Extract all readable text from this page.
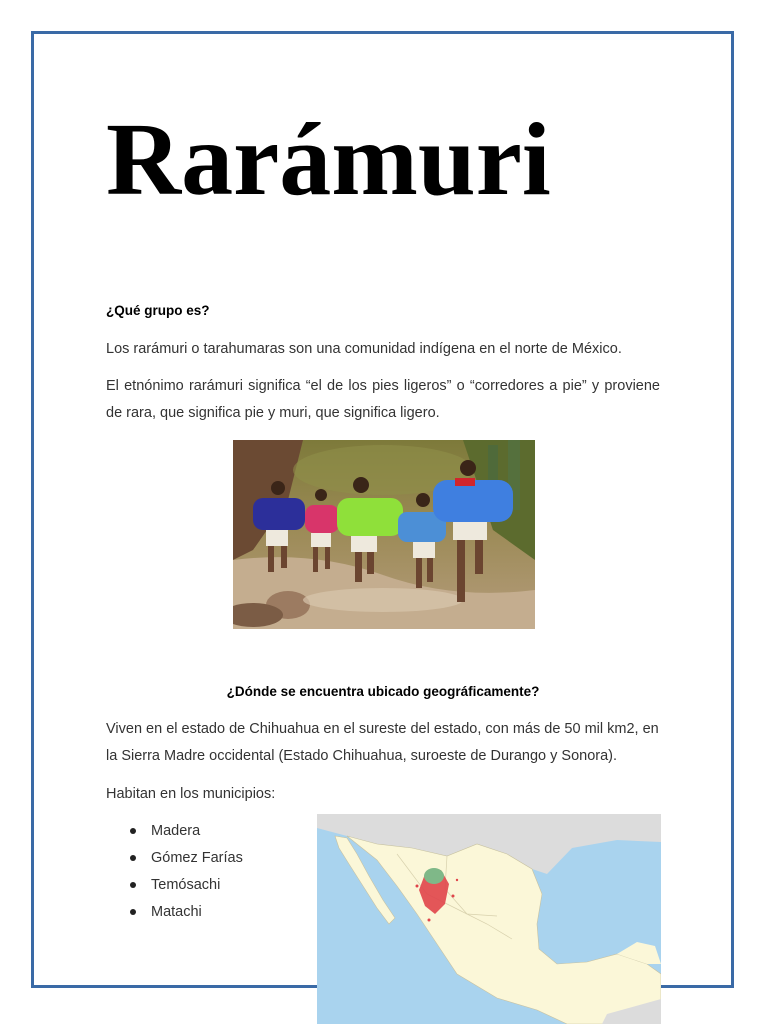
Rarámuri

¿Qué grupo es?

Los rarámuri o tarahumaras son una comunidad indígena en el norte de México.

El etnónimo rarámuri significa “el de los pies ligeros” o “corredores a pie” y proviene de rara, que significa pie y muri, que significa ligero.

¿Dónde se encuentra ubicado geográficamente?

Viven en el estado de Chihuahua en el sureste del estado, con más de 50 mil km2, en la Sierra Madre occidental (Estado Chihuahua, suroeste de Durango y Sonora).

Habitan en los municipios:

Madera
Gómez Farías
Temósachi
Matachi
